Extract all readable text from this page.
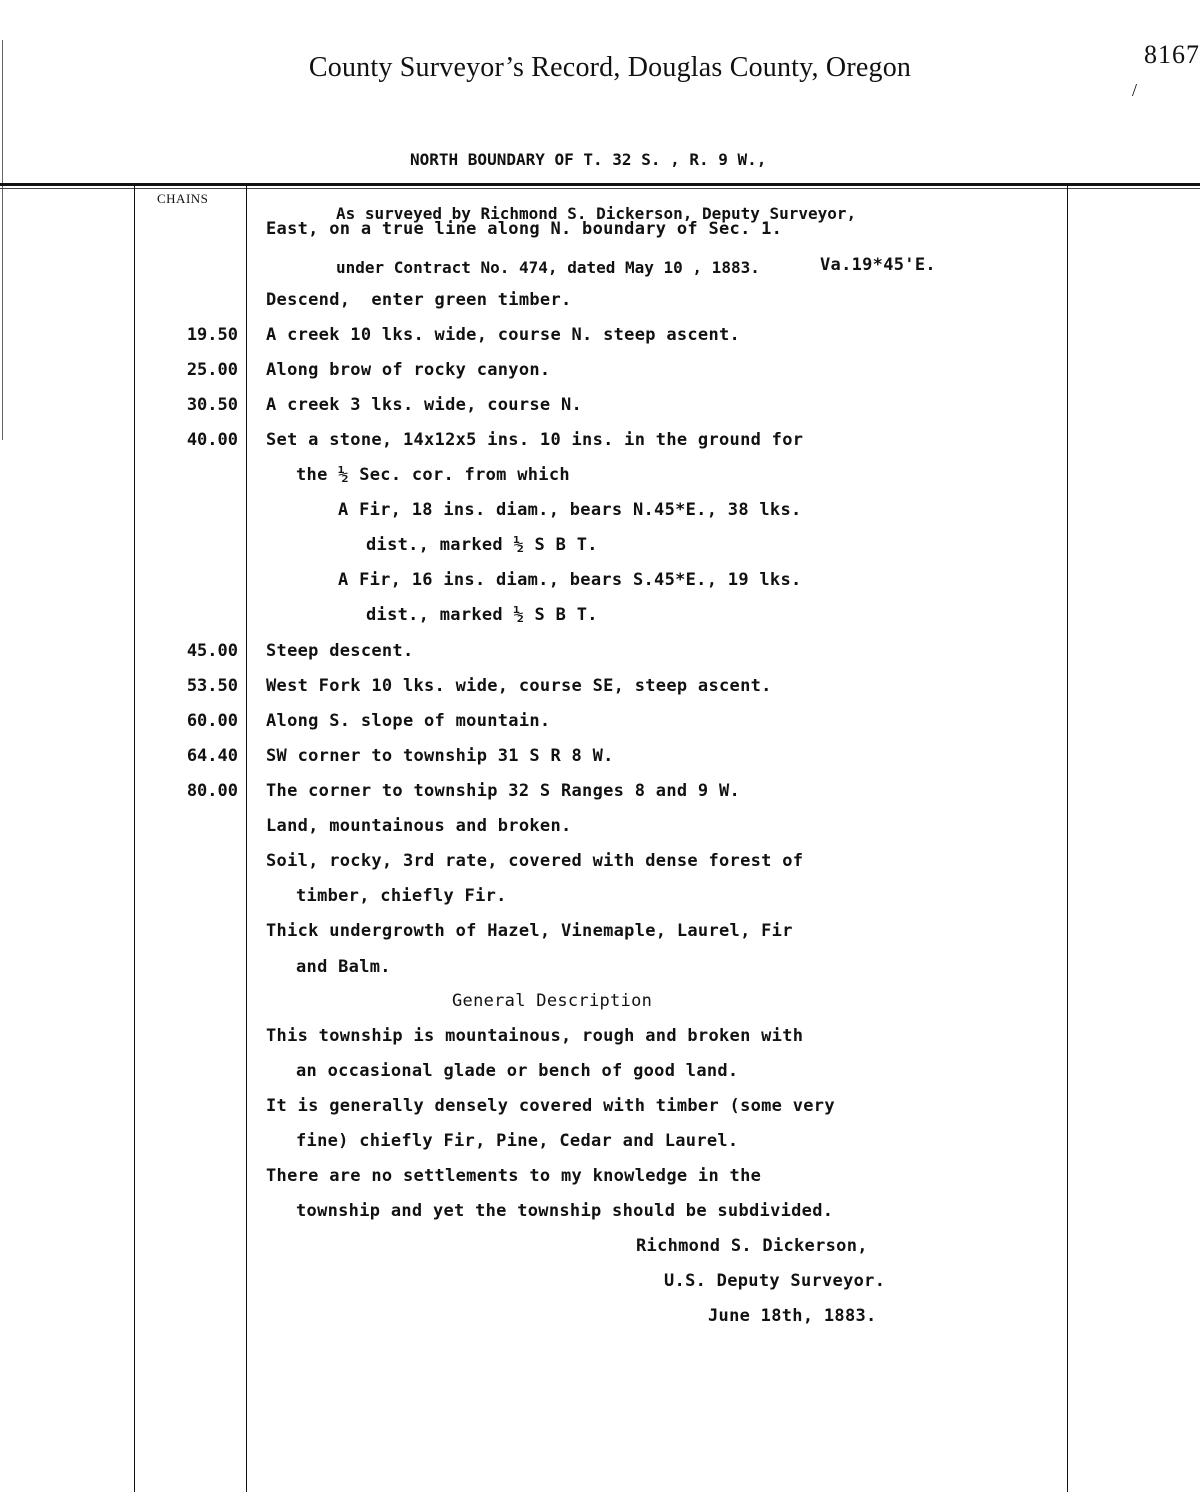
County Surveyor’s Record, Douglas County, Oregon	8167
/

NORTH BOUNDARY OF T. 32 S. , R. 9 W.,

As surveyed by Richmond S. Dickerson, Deputy Surveyor,

under Contract No. 474, dated May 10 , 1883.

CHAINS
19.50
25.00
30.50
40.00
45.00
53.50
60.00
64.40
80.00
East, on a true line along N. boundary of Sec. 1.
Va.19*45'E.
Descend,  enter green timber.
A creek 10 lks. wide, course N. steep ascent.
Along brow of rocky canyon.
A creek 3 lks. wide, course N.
Set a stone, 14x12x5 ins. 10 ins. in the ground for
the ½ Sec. cor. from which
A Fir, 18 ins. diam., bears N.45*E., 38 lks.
dist., marked ½ S B T.
A Fir, 16 ins. diam., bears S.45*E., 19 lks.
dist., marked ½ S B T.
Steep descent.
West Fork 10 lks. wide, course SE, steep ascent.
Along S. slope of mountain.
SW corner to township 31 S R 8 W.
The corner to township 32 S Ranges 8 and 9 W.
Land, mountainous and broken.
Soil, rocky, 3rd rate, covered with dense forest of
timber, chiefly Fir.
Thick undergrowth of Hazel, Vinemaple, Laurel, Fir
and Balm.
General Description
This township is mountainous, rough and broken with
an occasional glade or bench of good land.
It is generally densely covered with timber (some very
fine) chiefly Fir, Pine, Cedar and Laurel.
There are no settlements to my knowledge in the
township and yet the township should be subdivided.
Richmond S. Dickerson,
U.S. Deputy Surveyor.
June 18th, 1883.
